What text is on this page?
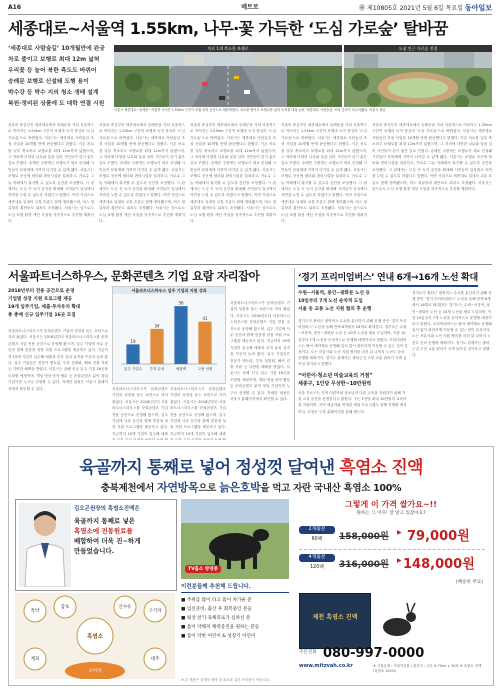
A16	메트로	㊙ 제10805호 2021년 5월 6일 목요일 동아일보
세종대로~서울역 1.55km, 나무·꽃 가득한 ‘도심 가로숲’ 탈바꿈
‘세종대로 사람숲길’ 10개월만에 완공
차로 줄이고 보행로 최대 12m 넓혀
우리꽃 등 늘어 북한 측도도 바뀌어
숭례문 보행로 신설돼 도행 용이
박수강 등 박수 지의 청소 생태 설계
복원·정비된 상품에 도 대학 연결 시원
차로 1개 축소한 보행로	도심 인근 가로숲 전경
서울시 세종대로~숭례문~서울역 이어진 1.55km 구간이 보행 친화 공간으로 재탄생했다. 차로를 줄이고 보행로를 넓혀 녹지를 대폭 늘린 ‘세종대로 사람숲길’ 조성 공사가 마무리됐다. 서울시 제공
서울의 중심부인 세종대로에서 숭례문을 거쳐 서울역으로 이어지는 1.55km 구간이 보행과 녹지 중심의 ‘도심 가로숲’으로 바뀌었다. 서울시는 세종대로 사람숲길 조성 사업을 10개월 만에 완공했다고 밝혔다. 기존 차로를 일부 축소하고 보행로를 최대 12m까지 넓혔으며, 그 자리에 다양한 나무와 꽃을 심어 시민들이 걷기 좋은 길로 꾸몄다. 숭례문 주변에는 보행로가 새로 신설돼 시민들이 문화재에 가까이 다가갈 수 있게 됐다. 서울시는 보행로 곳곳에 쉼터와 편의시설을 설치하고, 가로수 그늘 아래에서 휴식할 수 있도록 공간을 조성했다. 시 관계자는 도심 속 녹지 공간을 확대해 시민들이 일상에서 자연을 누릴 수 있도록 하겠다고 말했다. 이번 사업으로 세종대로 일대의 교통 흐름도 함께 정비됐으며, 버스 정류장과 횡단보도 위치도 조정됐다. 서울시는 앞으로도 도심 보행 환경 개선 사업을 지속적으로 추진할 계획이다.
서울의 중심부인 세종대로에서 숭례문을 거쳐 서울역으로 이어지는 1.55km 구간이 보행과 녹지 중심의 ‘도심 가로숲’으로 바뀌었다. 서울시는 세종대로 사람숲길 조성 사업을 10개월 만에 완공했다고 밝혔다. 기존 차로를 일부 축소하고 보행로를 최대 12m까지 넓혔으며, 그 자리에 다양한 나무와 꽃을 심어 시민들이 걷기 좋은 길로 꾸몄다. 숭례문 주변에는 보행로가 새로 신설돼 시민들이 문화재에 가까이 다가갈 수 있게 됐다. 서울시는 보행로 곳곳에 쉼터와 편의시설을 설치하고, 가로수 그늘 아래에서 휴식할 수 있도록 공간을 조성했다. 시 관계자는 도심 속 녹지 공간을 확대해 시민들이 일상에서 자연을 누릴 수 있도록 하겠다고 말했다. 이번 사업으로 세종대로 일대의 교통 흐름도 함께 정비됐으며, 버스 정류장과 횡단보도 위치도 조정됐다. 서울시는 앞으로도 도심 보행 환경 개선 사업을 지속적으로 추진할 계획이다.
서울의 중심부인 세종대로에서 숭례문을 거쳐 서울역으로 이어지는 1.55km 구간이 보행과 녹지 중심의 ‘도심 가로숲’으로 바뀌었다. 서울시는 세종대로 사람숲길 조성 사업을 10개월 만에 완공했다고 밝혔다. 기존 차로를 일부 축소하고 보행로를 최대 12m까지 넓혔으며, 그 자리에 다양한 나무와 꽃을 심어 시민들이 걷기 좋은 길로 꾸몄다. 숭례문 주변에는 보행로가 새로 신설돼 시민들이 문화재에 가까이 다가갈 수 있게 됐다. 서울시는 보행로 곳곳에 쉼터와 편의시설을 설치하고, 가로수 그늘 아래에서 휴식할 수 있도록 공간을 조성했다. 시 관계자는 도심 속 녹지 공간을 확대해 시민들이 일상에서 자연을 누릴 수 있도록 하겠다고 말했다. 이번 사업으로 세종대로 일대의 교통 흐름도 함께 정비됐으며, 버스 정류장과 횡단보도 위치도 조정됐다. 서울시는 앞으로도 도심 보행 환경 개선 사업을 지속적으로 추진할 계획이다.
서울의 중심부인 세종대로에서 숭례문을 거쳐 서울역으로 이어지는 1.55km 구간이 보행과 녹지 중심의 ‘도심 가로숲’으로 바뀌었다. 서울시는 세종대로 사람숲길 조성 사업을 10개월 만에 완공했다고 밝혔다. 기존 차로를 일부 축소하고 보행로를 최대 12m까지 넓혔으며, 그 자리에 다양한 나무와 꽃을 심어 시민들이 걷기 좋은 길로 꾸몄다. 숭례문 주변에는 보행로가 새로 신설돼 시민들이 문화재에 가까이 다가갈 수 있게 됐다. 서울시는 보행로 곳곳에 쉼터와 편의시설을 설치하고, 가로수 그늘 아래에서 휴식할 수 있도록 공간을 조성했다. 시 관계자는 도심 속 녹지 공간을 확대해 시민들이 일상에서 자연을 누릴 수 있도록 하겠다고 말했다. 이번 사업으로 세종대로 일대의 교통 흐름도 함께 정비됐으며, 버스 정류장과 횡단보도 위치도 조정됐다. 서울시는 앞으로도 도심 보행 환경 개선 사업을 지속적으로 추진할 계획이다.
서울의 중심부인 세종대로에서 숭례문을 거쳐 서울역으로 이어지는 1.55km 구간이 보행과 녹지 중심의 ‘도심 가로숲’으로 바뀌었다. 서울시는 세종대로 사람숲길 조성 사업을 10개월 만에 완공했다고 밝혔다. 기존 차로를 일부 축소하고 보행로를 최대 12m까지 넓혔으며, 그 자리에 다양한 나무와 꽃을 심어 시민들이 걷기 좋은 길로 꾸몄다. 숭례문 주변에는 보행로가 새로 신설돼 시민들이 문화재에 가까이 다가갈 수 있게 됐다. 서울시는 보행로 곳곳에 쉼터와 편의시설을 설치하고, 가로수 그늘 아래에서 휴식할 수 있도록 공간을 조성했다. 시 관계자는 도심 속 녹지 공간을 확대해 시민들이 일상에서 자연을 누릴 수 있도록 하겠다고 말했다. 이번 사업으로 세종대로 일대의 교통 흐름도 함께 정비됐으며, 버스 정류장과 횡단보도 위치도 조정됐다. 서울시는 앞으로도 도심 보행 환경 개선 사업을 지속적으로 추진할 계획이다.
서울파트너스하우스, 문화콘텐츠 기업 요람 자리잡아
2018년부터 전용 공간으로 운영
기업별 성장 지원 프로그램 제공
19개 입주기업, 매출·투자유치 확대
총 총매 신규 입주기업 16곳 모집
서울파트너스하우스 입주 기업과 지원 성과
19
입주 기업수
34
투자 유치
56
매출액
41
고용 인원
서울파트너스하우스가 문화콘텐츠 기업의 성장을 돕는 요람으로 자리 잡았다. 서울시는 2018년부터 서울파트너스하우스를 문화콘텐츠 기업 전용 공간으로 운영해 왔으며, 입주 기업에 사무 공간과 함께 맞춤형 성장 지원 프로그램을 제공하고 있다. 지금까지 19개 기업이 입주해 매출과 투자 유치 실적을 꾸준히 늘려 왔다. 입주 기업들은 전문가 멘토링, 투자 설명회, 해외 진출 지원 등 다양한 혜택을 받았다. 서울시는 올해 신규 입주 기업 16곳을 모집할 예정이며, 게임·영상·음악·웹툰 등 문화콘텐츠 분야 창업 기업이면 누구나 신청할 수 있다. 자세한 내용은 서울시 홈페이지에서 확인할 수 있다.	서울파트너스하우스가 문화콘텐츠 기업의 성장을 돕는 요람으로 자리 잡았다. 서울시는 2018년부터 서울파트너스하우스를 문화콘텐츠 기업 전용 공간으로 운영해 왔으며, 입주 기업에 사무 공간과 함께 맞춤형 성장 지원 프로그램을 제공하고 있다. 지금까지 19개 기업이 입주해 매출
서울파트너스하우스가 문화콘텐츠 기업의 성장을 돕는 요람으로 자리 잡았다. 서울시는 2018년부터 서울파트너스하우스를 문화콘텐츠 기업 전용 공간으로 운영해 왔으며, 입주 기업에 사무 공간과 함께 맞춤형 성장 지원 프로그램을 제공하고 있다. 지금까지 19개 기업이 입주해 매출
서울파트너스하우스가 문화콘텐츠 기업의 성장을 돕는 요람으로 자리 잡았다. 서울시는 2018년부터 서울파트너스하우스를 문화콘텐츠 기업 전용 공간으로 운영해 왔으며, 입주 기업에 사무 공간과 함께 맞춤형 성장 지원 프로그램을 제공하고 있다. 지금까지 19개 기업이 입주해 매출과 투자 유치 실적을 꾸준히 늘려 왔다. 입주 기업들은 전문가 멘토링, 투자 설명회, 해외 진출 지원 등 다양한 혜택을 받았다. 서울시는 올해 신규 입주 기업 16곳을 모집할 예정이며, 게임·영상·음악·웹툰 등 문화콘텐츠 분야 창업 기업이면 누구나 신청할 수 있다. 자세한 내용은 서울시 홈페이지에서 확인할 수 있다.
‘경기 프리미엄버스’ 연내 6개→16개 노선 확대
수원~서울역, 용인~광화문 노선 등
10일부터 7개 노선 순차적 도입
서울 동 교통 노선 지원 협의 후 운행
경기도가 출퇴근 광역버스 수요를 분산하기 위해 운행 중인 ‘경기 프리미엄버스’ 노선을 올해 안에 6개에서 16개로 확대한다. 경기도는 수원~서울역, 용인~광화문 노선 등 10개 노선을 새로 도입하며, 이달 10일부터 7개 노선을 순차적으로 운행할 예정이라고 밝혔다. 프리미엄버스는 좌석 예약제로 운영돼 입석 없이 편안하게 이동할 수 있는 것이 특징이다. 도는 서울시와 노선 지원 협의를 마친 뒤 나머지 노선도 순차 운행할 계획이다. 경기도 관계자는 출퇴근길 도민 교통 편의가 크게 높아질 것이라고 말했다.
“어린이·청소년 미술교육의 거점”
세종구, 1인당 무상한~10만원씩
서울 종로구는 지역 어린이와 청소년의 미술 교육을 지원하기 위해 거점 교육 공간을 운영한다고 밝혔다. 구는 1인당 최대 10만원의 교육비를 지원하며, 지역 예술가와 연계한 체험 프로그램도 함께 진행할 예정이다. 신청은 구청 홈페이지를 통해 받는다.
경기도가 출퇴근 광역버스 수요를 분산하기 위해 운행 중인 ‘경기 프리미엄버스’ 노선을 올해 안에 6개에서 16개로 확대한다. 경기도는 수원~서울역, 용인~광화문 노선 등 10개 노선을 새로 도입하며, 이달 10일부터 7개 노선을 순차적으로 운행할 예정이라고 밝혔다. 프리미엄버스는 좌석 예약제로 운영돼 입석 없이 편안하게 이동할 수 있는 것이 특징이다. 도는 서울시와 노선 지원 협의를 마친 뒤 나머지 노선도 순차 운행할 계획이다. 경기도 관계자는 출퇴근길 도민 교통 편의가 크게 높아질 것이라고 말했다.
육골까지 통째로 넣어 정성껏 달여낸 흑염소 진액
충북제천에서 자연방목으로 늙은호박을 먹고 자란 국내산 흑염소 100%
김오곤원장의 흑염소진액은
육골까지 통째로 넣은
흑염소에 전통원료를
배합하여 더욱 진~하게
만들었습니다.
작약
감초	산수유
흑염소
구기자
계피	대추
오미자
TV출소 방영중
이런분들께 추천해 드립니다.
■ 추위를 많이 타고 몸이 차가운 분
■ 임신준비, 출산 후 회복중인 분들
■ 평상 찬기·육체피로가 심하신 분
■ 몸이 약해져 체력증진을 원하는 분들
■ 몸이 약한 어린이 & 성장기 어린이
그렇게 이 가격 쌀가요~!!
원하는 그 이유! 잘 알고 있잖아요?
2개월분
60팩	158,000원 ▶ 79,000원
4개월분
120팩	316,000원 ▶ 148,000원
(배송비 무료)
제천 흑염소 진액
주문전화 080-997-0000
www.mitzvah.co.kr	※ 식품유형 : 기타가공품 / 원산지 : 국산 ※ 70ml × 30포 ※ 흑염소 진액(흑염소 100%)
※ 본 제품은 질병의 예방 및 치료를 위한 의약품이 아닙니다.
